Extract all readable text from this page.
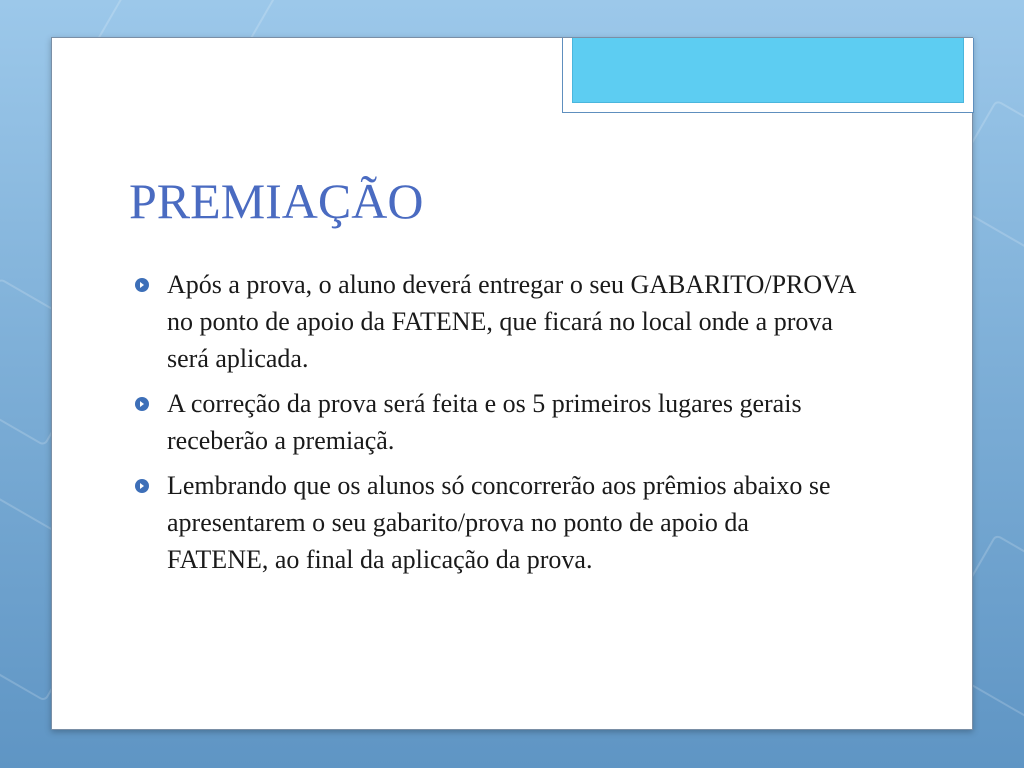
PREMIAÇÃO
Após a prova, o aluno deverá entregar o seu GABARITO/PROVA no ponto de apoio da FATENE, que ficará no local onde a prova será aplicada.
A correção da prova será feita e os 5 primeiros lugares gerais receberão a premiaçã.
Lembrando que os alunos só concorrerão aos prêmios abaixo se apresentarem o seu gabarito/prova no ponto de apoio da FATENE, ao final da aplicação da prova.
